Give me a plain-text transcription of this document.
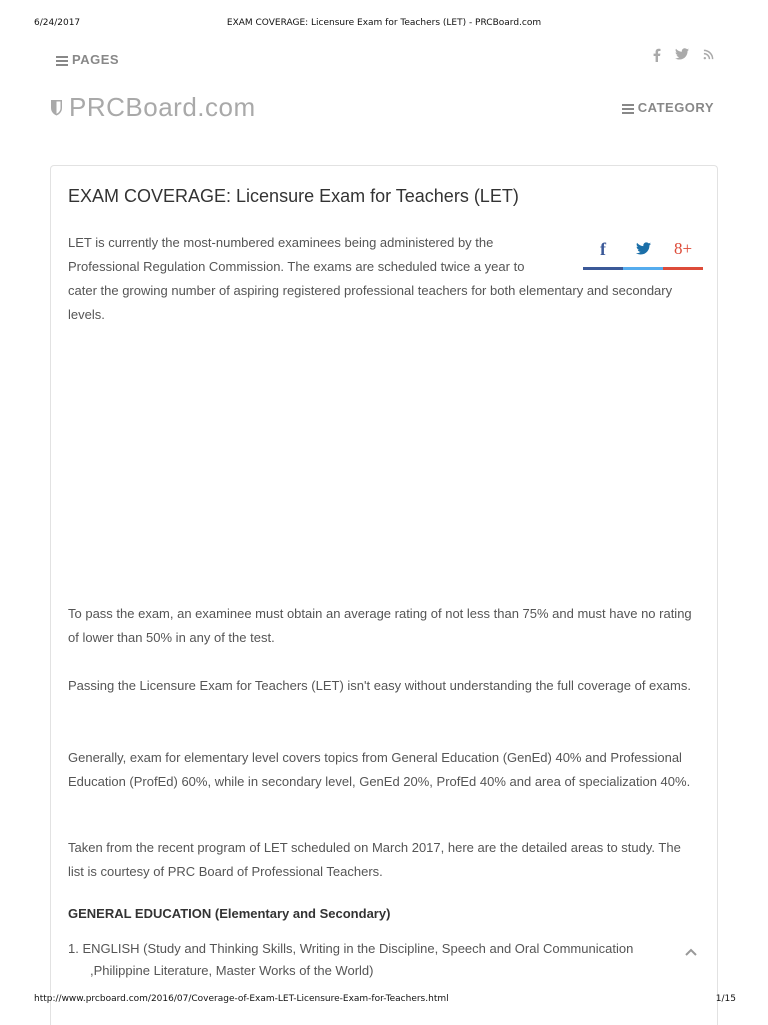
6/24/2017	EXAM COVERAGE: Licensure Exam for Teachers (LET) - PRCBoard.com
PAGES
PRCBoard.com	CATEGORY
EXAM COVERAGE: Licensure Exam for Teachers (LET)
f	8+

LET is currently the most-numbered examinees being administered by the
Professional Regulation Commission. The exams are scheduled twice a year to
cater the growing number of aspiring registered professional teachers for both elementary and secondary levels.

To pass the exam, an examinee must obtain an average rating of not less than 75% and must have no rating of lower than 50% in any of the test.

Passing the Licensure Exam for Teachers (LET) isn't easy without understanding the full coverage of exams.

Generally, exam for elementary level covers topics from General Education (GenEd) 40% and Professional Education (ProfEd) 60%, while in secondary level, GenEd 20%, ProfEd 40% and area of specialization 40%.

Taken from the recent program of LET scheduled on March 2017, here are the detailed areas to study. The list is courtesy of PRC Board of Professional Teachers.

GENERAL EDUCATION (Elementary and Secondary)
1. ENGLISH (Study and Thinking Skills, Writing in the Discipline, Speech and Oral Communication ,Philippine Literature, Master Works of the World)
http://www.prcboard.com/2016/07/Coverage-of-Exam-LET-Licensure-Exam-for-Teachers.html	1/15
